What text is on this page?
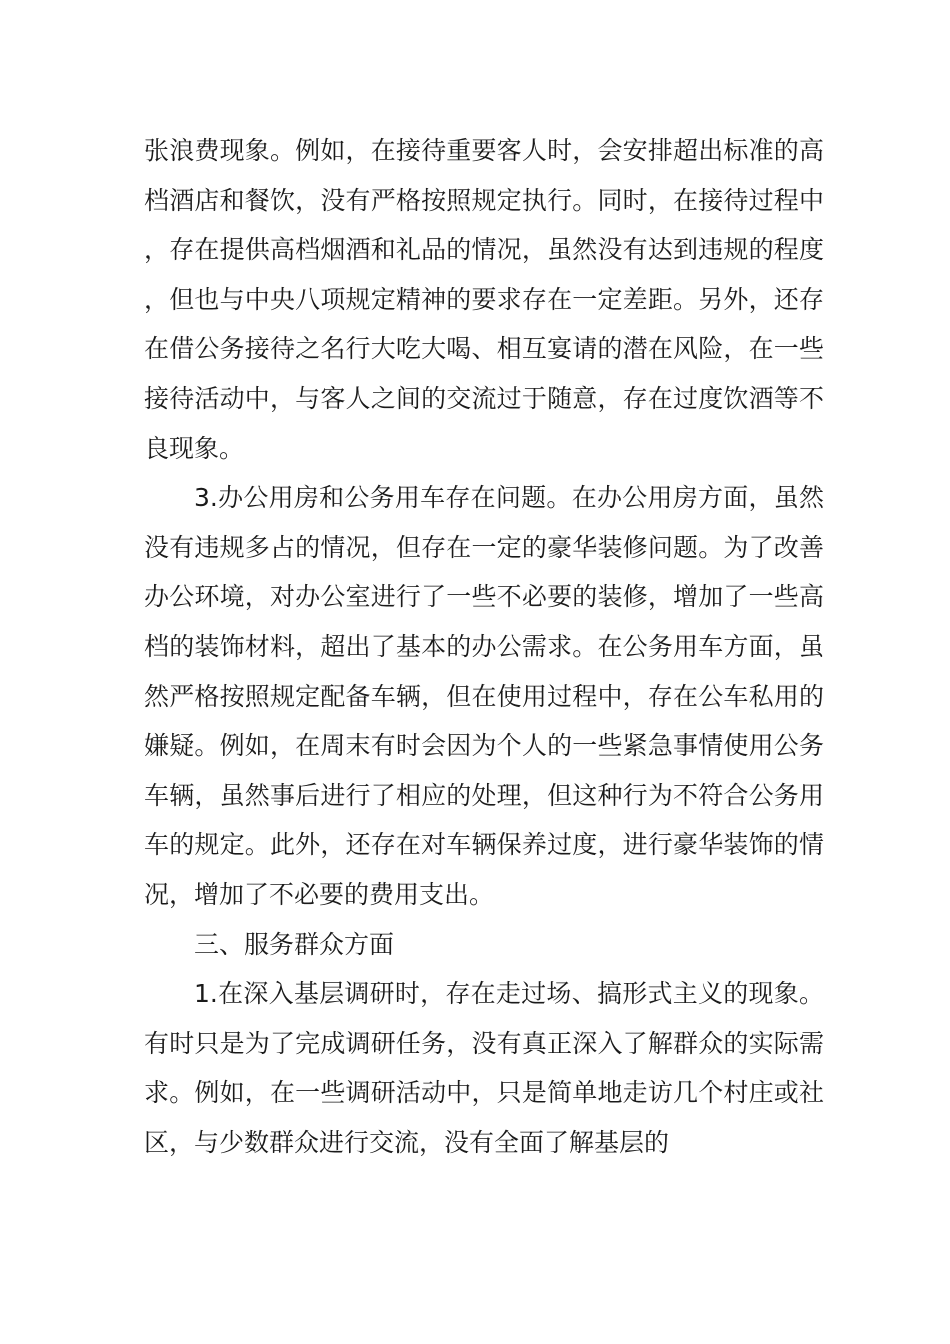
张浪费现象。例如，在接待重要客人时，会安排超出标准的高档酒店和餐饮，没有严格按照规定执行。同时，在接待过程中，存在提供高档烟酒和礼品的情况，虽然没有达到违规的程度，但也与中央八项规定精神的要求存在一定差距。另外，还存在借公务接待之名行大吃大喝、相互宴请的潜在风险，在一些接待活动中，与客人之间的交流过于随意，存在过度饮酒等不良现象。

3.办公用房和公务用车存在问题。在办公用房方面，虽然没有违规多占的情况，但存在一定的豪华装修问题。为了改善办公环境，对办公室进行了一些不必要的装修，增加了一些高档的装饰材料，超出了基本的办公需求。在公务用车方面，虽然严格按照规定配备车辆，但在使用过程中，存在公车私用的嫌疑。例如，在周末有时会因为个人的一些紧急事情使用公务车辆，虽然事后进行了相应的处理，但这种行为不符合公务用车的规定。此外，还存在对车辆保养过度，进行豪华装饰的情况，增加了不必要的费用支出。

三、服务群众方面

1.在深入基层调研时，存在走过场、搞形式主义的现象。有时只是为了完成调研任务，没有真正深入了解群众的实际需求。例如，在一些调研活动中，只是简单地走访几个村庄或社区，与少数群众进行交流，没有全面了解基层的
